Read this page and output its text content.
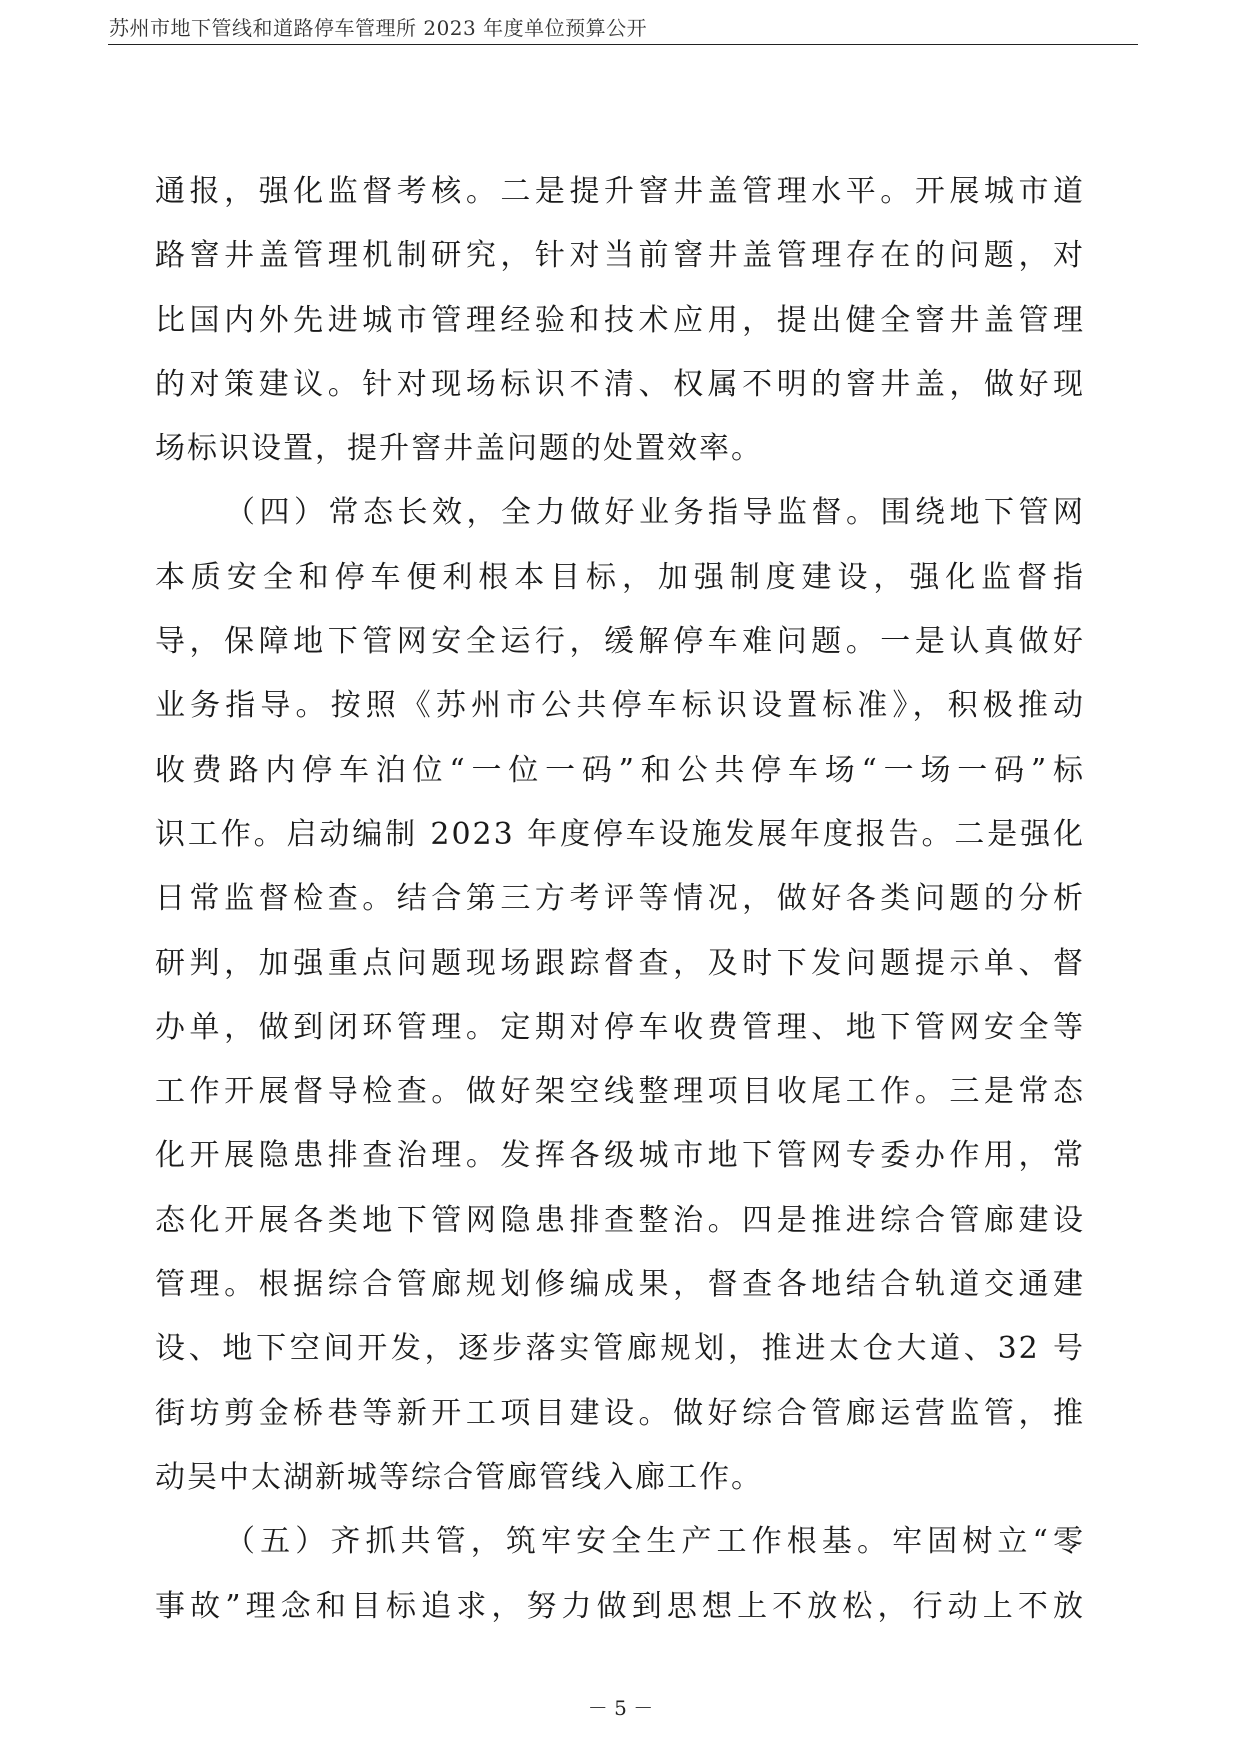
苏州市地下管线和道路停车管理所 2023 年度单位预算公开
通报，强化监督考核。二是提升窨井盖管理水平。开展城市道
路窨井盖管理机制研究，针对当前窨井盖管理存在的问题，对
比国内外先进城市管理经验和技术应用，提出健全窨井盖管理
的对策建议。针对现场标识不清、权属不明的窨井盖，做好现
场标识设置，提升窨井盖问题的处置效率。
（四）常态长效，全力做好业务指导监督。围绕地下管网
本质安全和停车便利根本目标，加强制度建设，强化监督指
导，保障地下管网安全运行，缓解停车难问题。一是认真做好
业务指导。按照《苏州市公共停车标识设置标准》，积极推动
收费路内停车泊位“一位一码”和公共停车场“一场一码”标
识工作。启动编制 2023 年度停车设施发展年度报告。二是强化
日常监督检查。结合第三方考评等情况，做好各类问题的分析
研判，加强重点问题现场跟踪督查，及时下发问题提示单、督
办单，做到闭环管理。定期对停车收费管理、地下管网安全等
工作开展督导检查。做好架空线整理项目收尾工作。三是常态
化开展隐患排查治理。发挥各级城市地下管网专委办作用，常
态化开展各类地下管网隐患排查整治。四是推进综合管廊建设
管理。根据综合管廊规划修编成果，督查各地结合轨道交通建
设、地下空间开发，逐步落实管廊规划，推进太仓大道、32 号
街坊剪金桥巷等新开工项目建设。做好综合管廊运营监管，推
动吴中太湖新城等综合管廊管线入廊工作。
（五）齐抓共管，筑牢安全生产工作根基。牢固树立“零
事故”理念和目标追求，努力做到思想上不放松，行动上不放
－ 5 －
